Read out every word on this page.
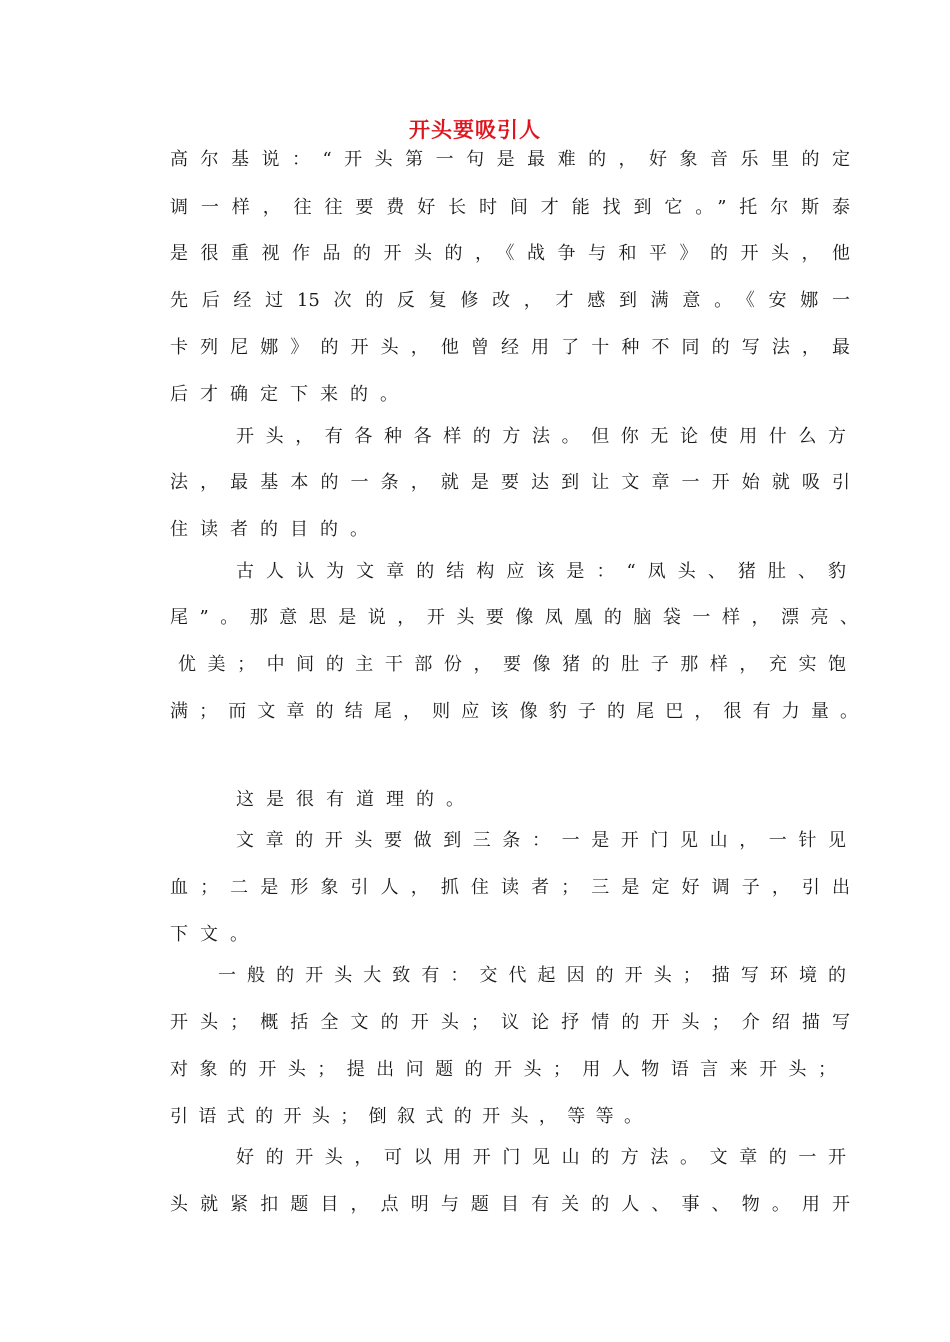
开头要吸引人
高尔基说：“开头第一句是最难的，好象音乐里的定
调一样，往往要费好长时间才能找到它。”托尔斯泰
是很重视作品的开头的，《战争与和平》的开头，他
先后经过15次的反复修改，才感到满意。《安娜一
卡列尼娜》的开头，他曾经用了十种不同的写法，最
后才确定下来的。
开头，有各种各样的方法。但你无论使用什么方
法，最基本的一条，就是要达到让文章一开始就吸引
住读者的目的。
古人认为文章的结构应该是：“凤头、猪肚、豹
尾”。那意思是说，开头要像凤凰的脑袋一样，漂亮、
优美；中间的主干部份，要像猪的肚子那样，充实饱
满；而文章的结尾，则应该像豹子的尾巴，很有力量。
这是很有道理的。
文章的开头要做到三条：一是开门见山，一针见
血；二是形象引人，抓住读者；三是定好调子，引出
下文。
一般的开头大致有：交代起因的开头；描写环境的
开头；概括全文的开头；议论抒情的开头；介绍描写
对象的开头；提出问题的开头；用人物语言来开头；
引语式的开头；倒叙式的开头，等等。
好的开头，可以用开门见山的方法。文章的一开
头就紧扣题目，点明与题目有关的人、事、物。用开
